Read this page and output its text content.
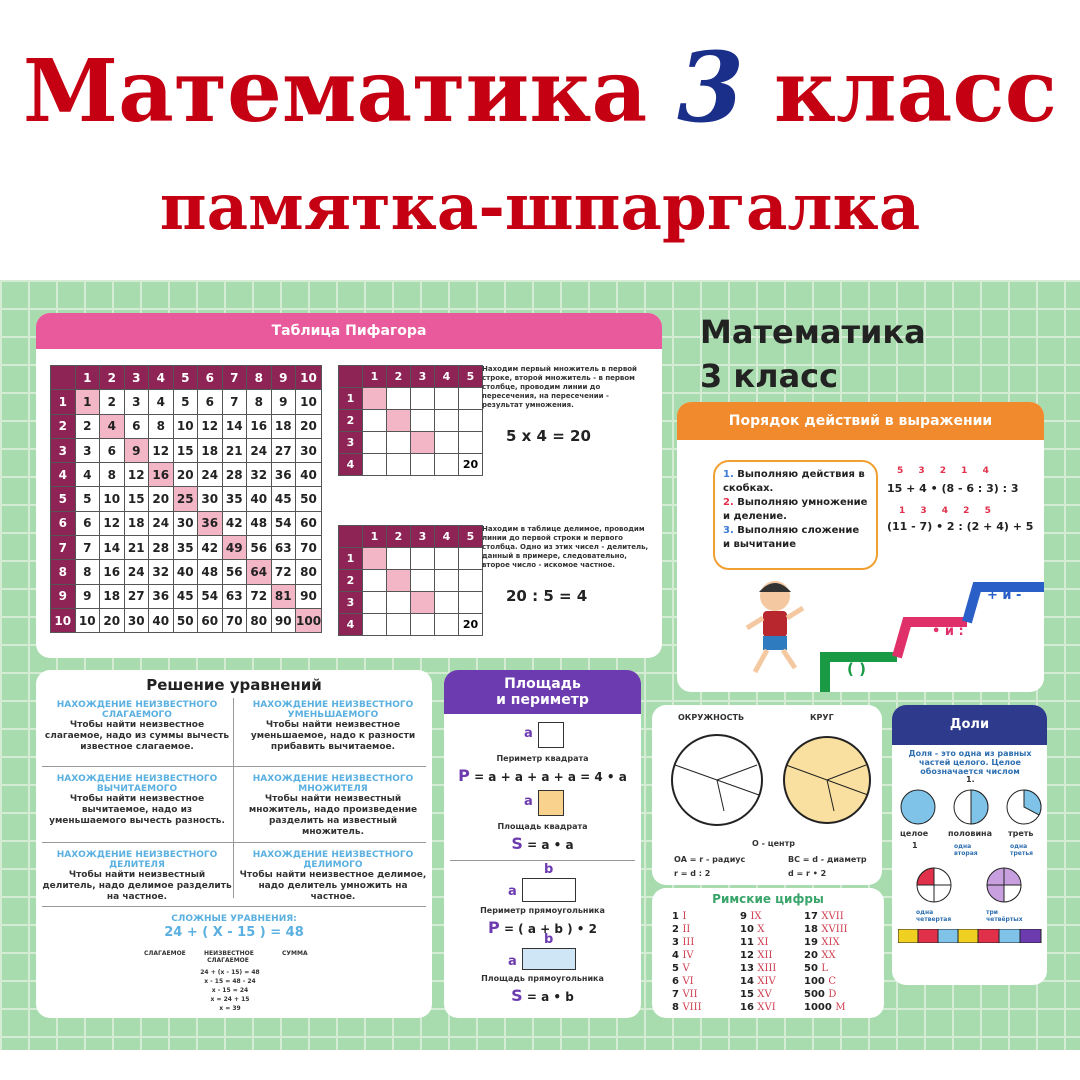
Математика 3 класс
памятка-шпаргалка
Таблица Пифагора
	1	2	3	4	5	6	7	8	9	10
1	1	2	3	4	5	6	7	8	9	10
2	2	4	6	8	10	12	14	16	18	20
3	3	6	9	12	15	18	21	24	27	30
4	4	8	12	16	20	24	28	32	36	40
5	5	10	15	20	25	30	35	40	45	50
6	6	12	18	24	30	36	42	48	54	60
7	7	14	21	28	35	42	49	56	63	70
8	8	16	24	32	40	48	56	64	72	80
9	9	18	27	36	45	54	63	72	81	90
10	10	20	30	40	50	60	70	80	90	100
	1	2	3	4	5
1					
2					
3					
4					20
Находим первый множитель в первой строке, второй множитель - в первом столбце, проводим линии до пересечения, на пересечении - результат умножения.
5 x 4 = 20
	1	2	3	4	5
1					
2					
3					
4					20
Находим в таблице делимое, проводим линии до первой строки и первого столбца. Одно из этих чисел - делитель, данный в примере, следовательно, второе число - искомое частное.
20 : 5 = 4
Математика
3 класс
Порядок действий в выражении
1. Выполняю действия в скобках.
2. Выполняю умножение и деление.
3. Выполняю сложение и вычитание
5 3 2 1 4
15 + 4 • (8 - 6 : 3) : 3
1 3 4 2 5
(11 - 7) • 2 : (2 + 4) + 5
( )
• и :
+ и -
Решение уравнений
НАХОЖДЕНИЕ НЕИЗВЕСТНОГО СЛАГАЕМОГО
Чтобы найти неизвестное слагаемое, надо из суммы вычесть известное слагаемое.
НАХОЖДЕНИЕ НЕИЗВЕСТНОГО УМЕНЬШАЕМОГО
Чтобы найти неизвестное уменьшаемое, надо к разности прибавить вычитаемое.
НАХОЖДЕНИЕ НЕИЗВЕСТНОГО ВЫЧИТАЕМОГО
Чтобы найти неизвестное вычитаемое, надо из уменьшаемого вычесть разность.
НАХОЖДЕНИЕ НЕИЗВЕСТНОГО МНОЖИТЕЛЯ
Чтобы найти неизвестный множитель, надо произведение разделить на известный множитель.
НАХОЖДЕНИЕ НЕИЗВЕСТНОГО ДЕЛИТЕЛЯ
Чтобы найти неизвестный делитель, надо делимое разделить на частное.
НАХОЖДЕНИЕ НЕИЗВЕСТНОГО ДЕЛИМОГО
Чтобы найти неизвестное делимое, надо делитель умножить на частное.
СЛОЖНЫЕ УРАВНЕНИЯ:
24 + ( X - 15 ) = 48
СЛАГАЕМОЕ	НЕИЗВЕСТНОЕ СЛАГАЕМОЕ
СУММА
24 + (x - 15) = 48
x - 15 = 48 - 24
x - 15 = 24
x = 24 + 15
x = 39
Площадь
и периметр
a
Периметр квадрата
P = a + a + a + a = 4 • a
a
Площадь квадрата
S = a • a
b
a
Периметр прямоугольника
P = ( a + b ) • 2
b
a
Площадь прямоугольника
S = a • b
ОКРУЖНОСТЬ	КРУГ
О - центр
ОА = r - радиус	ВС = d - диаметр
r = d : 2	d = r • 2
Доли
Доля - это одна из равных частей целого. Целое обозначается числом
1.
целое
1
половина
одна вторая
треть
одна третья
одна четвертая
три четвёртых
Римские цифры
1 I
2 II
3 III
4 IV
5 V
6 VI
7 VII
8 VIII
9 IX
10 X
11 XI
12 XII
13 XIII
14 XIV
15 XV
16 XVI
17 XVII
18 XVIII
19 XIX
20 XX
50 L
100 C
500 D
1000 M
